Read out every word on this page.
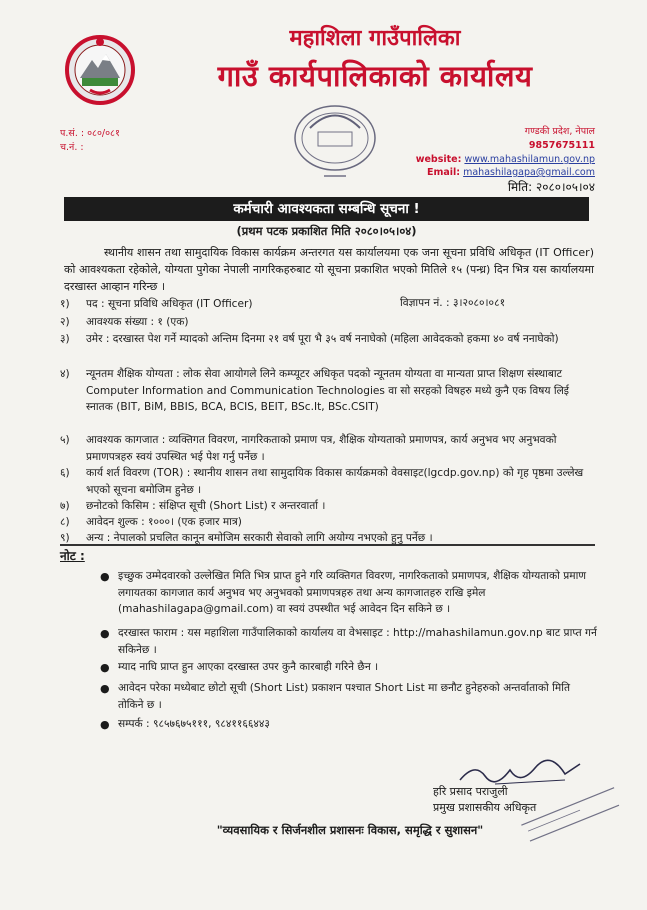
महाशिला गाउँपालिका
गाउँ कार्यपालिकाको कार्यालय
प.सं. : ०८०/०८१
च.नं. :
गण्डकी प्रदेश, नेपाल
9857675111
website: www.mahashilamun.gov.np
Email: mahashilagapa@gmail.com
मिति: २०८०।०५।०४
कर्मचारी आवश्यकता सम्बन्धि सूचना !
(प्रथम पटक प्रकाशित मिति २०८०।०५।०४)
स्थानीय शासन तथा सामुदायिक विकास कार्यक्रम अन्तरगत यस कार्यालयमा एक जना सूचना प्रविधि अधिकृत (IT Officer) को आवश्यकता रहेकोले, योग्यता पुगेका नेपाली नागरिकहरुबाट यो सूचना प्रकाशित भएको मितिले १५ (पन्ध्र) दिन भित्र यस कार्यालयमा दरखास्त आव्हान गरिन्छ ।
१) पद : सूचना प्रविधि अधिकृत (IT Officer)	विज्ञापन नं. : ३।२०८०।०८१
२) आवश्यक संख्या : १ (एक)
३)	उमेर : दरखास्त पेश गर्ने म्यादको अन्तिम दिनमा २१ वर्ष पूरा भै ३५ वर्ष ननाघेको (महिला आवेदकको हकमा ४० वर्ष ननाघेको)
४)	न्यूनतम शैक्षिक योग्यता : लोक सेवा आयोगले लिने कम्प्यूटर अधिकृत पदको न्यूनतम योग्यता वा मान्यता प्राप्त शिक्षण संस्थाबाट Computer Information and Communication Technologies वा सो सरहको विषहरु मध्ये कुनै एक विषय लिई स्नातक (BIT, BiM, BBIS, BCA, BCIS, BEIT, BSc.It, BSc.CSIT)
५)	आवश्यक कागजात : व्यक्तिगत विवरण, नागरिकताको प्रमाण पत्र, शैक्षिक योग्यताको प्रमाणपत्र, कार्य अनुभव भए अनुभवको प्रमाणपत्रहरु स्वयं उपस्थित भई पेश गर्नु पर्नेछ ।
६)	कार्य शर्त विवरण (TOR) : स्थानीय शासन तथा सामुदायिक विकास कार्यक्रमको वेवसाइट(lgcdp.gov.np) को गृह पृष्ठमा उल्लेख भएको सूचना बमोजिम हुनेछ ।
७) छनोटको किसिम : संक्षिप्त सूची (Short List) र अन्तरवार्ता ।
८) आवेदन शुल्क : १०००। (एक हजार मात्र)
९) अन्य : नेपालको प्रचलित कानून बमोजिम सरकारी सेवाको लागि अयोग्य नभएको हुनु पर्नेछ ।
नोट :
● इच्छुक उम्मेदवारको उल्लेखित मिति भित्र प्राप्त हुने गरि व्यक्तिगत विवरण, नागरिकताको प्रमाणपत्र, शैक्षिक योग्यताको प्रमाण लगायतका कागजात कार्य अनुभव भए अनुभवको प्रमाणपत्रहरु तथा अन्य कागजातहरु राखि इमेल (mahashilagapa@gmail.com) वा स्वयं उपस्थीत भई आवेदन दिन सकिने छ ।
● दरखास्त फाराम : यस महाशिला गाउँपालिकाको कार्यालय वा वेभसाइट : http://mahashilamun.gov.np बाट प्राप्त गर्न सकिनेछ ।
● म्याद नाघि प्राप्त हुन आएका दरखास्त उपर कुनै कारबाही गरिने छैन ।
● आवेदन परेका मध्येबाट छोटो सूची (Short List) प्रकाशन पश्चात Short List मा छनौट हुनेहरुको अन्तर्वाताको मिति तोकिने छ ।
● सम्पर्क : ९८५७६७५१११, ९८४११६६४४३
हरि प्रसाद पराजुली
प्रमुख प्रशासकीय अधिकृत
"व्यवसायिक र सिर्जनशील प्रशासनः विकास, समृद्धि र सुशासन"
